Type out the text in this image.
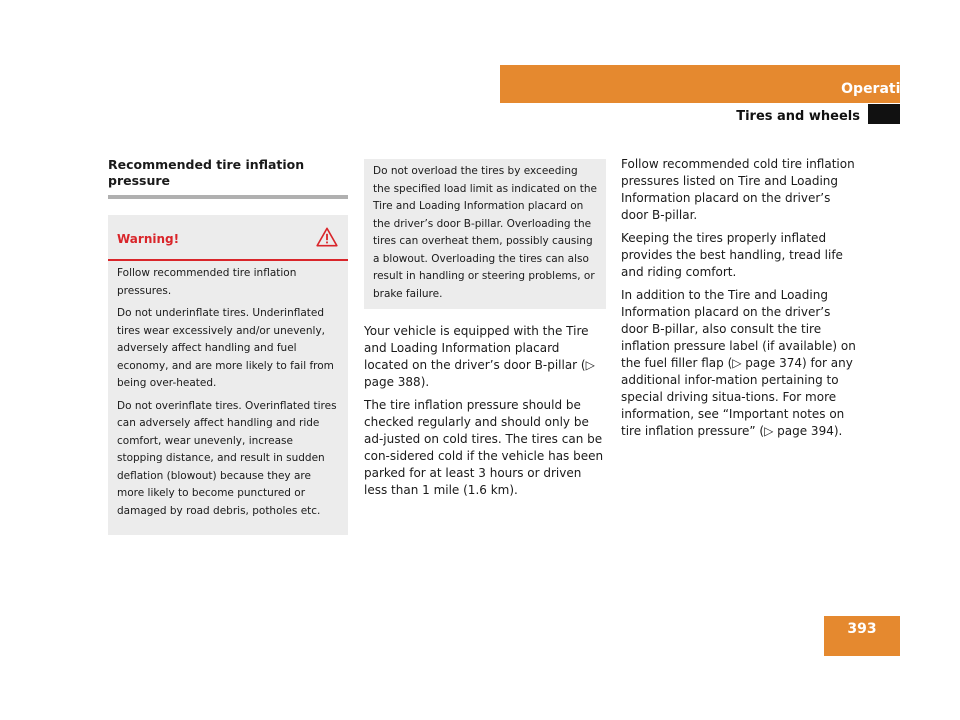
Operation
Tires and wheels
Recommended tire inflation pressure
Warning!

Follow recommended tire inflation pressures.

Do not underinflate tires. Underinflated tires wear excessively and/or unevenly, adversely affect handling and fuel economy, and are more likely to fail from being over-heated.

Do not overinflate tires. Overinflated tires can adversely affect handling and ride comfort, wear unevenly, increase stopping distance, and result in sudden deflation (blowout) because they are more likely to become punctured or damaged by road debris, potholes etc.

Do not overload the tires by exceeding the specified load limit as indicated on the Tire and Loading Information placard on the driver’s door B-pillar. Overloading the tires can overheat them, possibly causing a blowout. Overloading the tires can also result in handling or steering problems, or brake failure.

Your vehicle is equipped with the Tire and Loading Information placard located on the driver’s door B-pillar (▷ page 388).

The tire inflation pressure should be checked regularly and should only be ad-justed on cold tires. The tires can be con-sidered cold if the vehicle has been parked for at least 3 hours or driven less than 1 mile (1.6 km).

Follow recommended cold tire inflation pressures listed on Tire and Loading Information placard on the driver’s door B-pillar.

Keeping the tires properly inflated provides the best handling, tread life and riding comfort.

In addition to the Tire and Loading Information placard on the driver’s door B-pillar, also consult the tire inflation pressure label (if available) on the fuel filler flap (▷ page 374) for any additional infor-mation pertaining to special driving situa-tions. For more information, see “Important notes on tire inflation pressure” (▷ page 394).

393
